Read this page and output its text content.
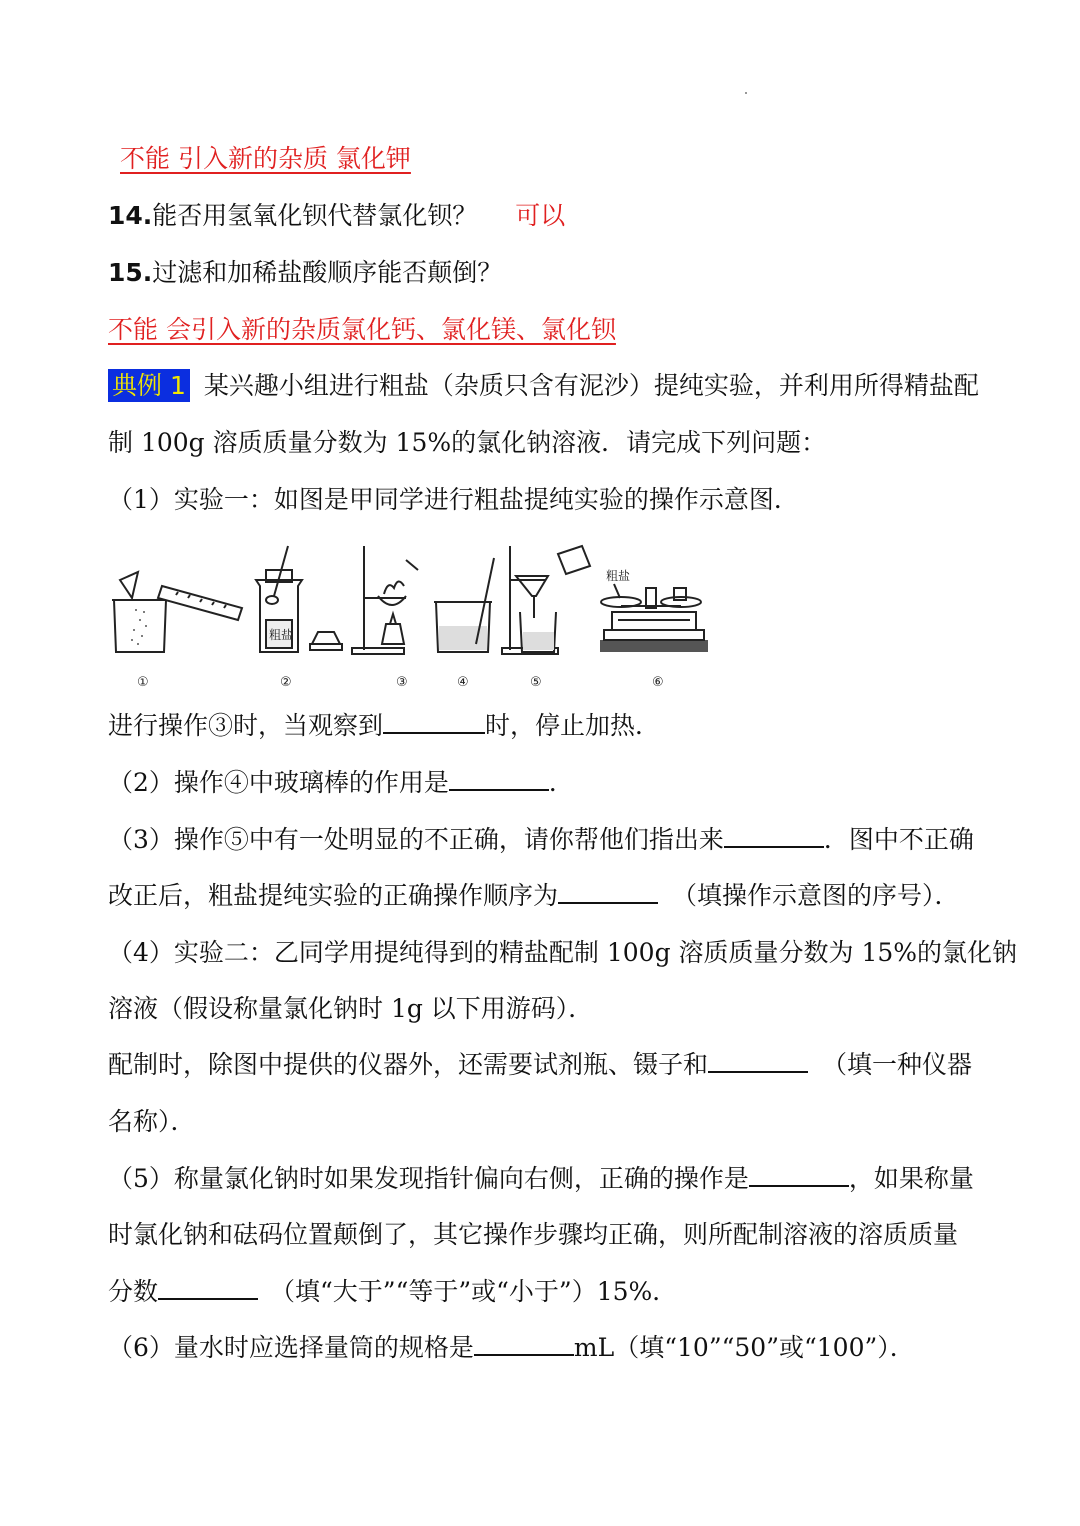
不能 引入新的杂质 氯化钾
14.能否用氢氧化钡代替氯化钡？ 可以
15.过滤和加稀盐酸顺序能否颠倒？
不能 会引入新的杂质氯化钙、氯化镁、氯化钡
典例 1 某兴趣小组进行粗盐（杂质只含有泥沙）提纯实验，并利用所得精盐配
制 100g 溶质质量分数为 15%的氯化钠溶液．请完成下列问题：
（1）实验一：如图是甲同学进行粗盐提纯实验的操作示意图．
粗盐
粗盐
①	②	③	④	⑤	⑥
进行操作③时，当观察到	时，停止加热．
（2）操作④中玻璃棒的作用是	．
（3）操作⑤中有一处明显的不正确，请你帮他们指出来	．图中不正确
改正后，粗盐提纯实验的正确操作顺序为	（填操作示意图的序号）．
（4）实验二：乙同学用提纯得到的精盐配制 100g 溶质质量分数为 15%的氯化钠
溶液（假设称量氯化钠时 1g 以下用游码）．
配制时，除图中提供的仪器外，还需要试剂瓶、镊子和	（填一种仪器
名称）．
（5）称量氯化钠时如果发现指针偏向右侧，正确的操作是	，如果称量
时氯化钠和砝码位置颠倒了，其它操作步骤均正确，则所配制溶液的溶质质量
分数	（填“大于”“等于”或“小于”）15%．
（6）量水时应选择量筒的规格是	mL（填“10”“50”或“100”）．
